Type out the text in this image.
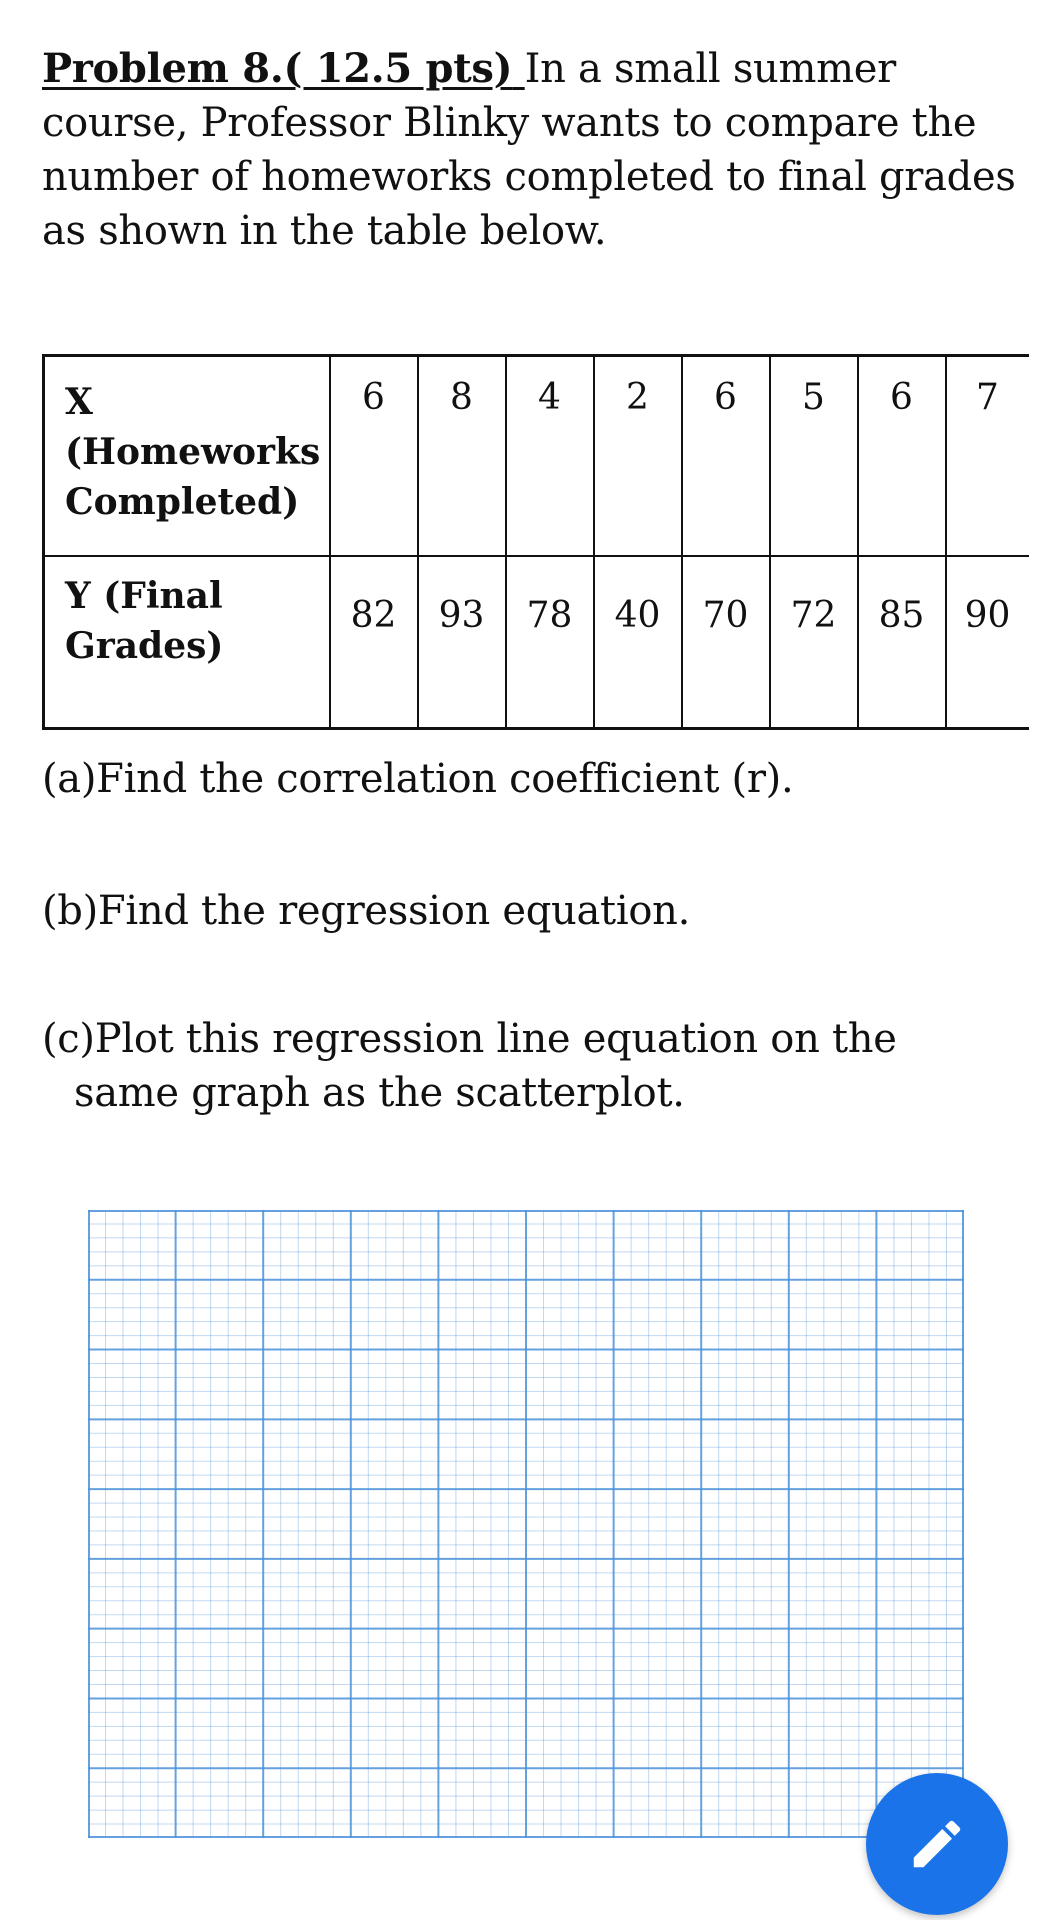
Problem 8.( 12.5 pts) In a small summer course, Professor Blinky wants to compare the number of homeworks completed to final grades as shown in the table below.
X
(Homeworks
Completed)	6	8	4	2	6	5	6	7

Y (Final
Grades)	82	93	78	40	70	72	85	90
(a)Find the correlation coefficient (r).
(b)Find the regression equation.
(c)Plot this regression line equation on the
same graph as the scatterplot.
